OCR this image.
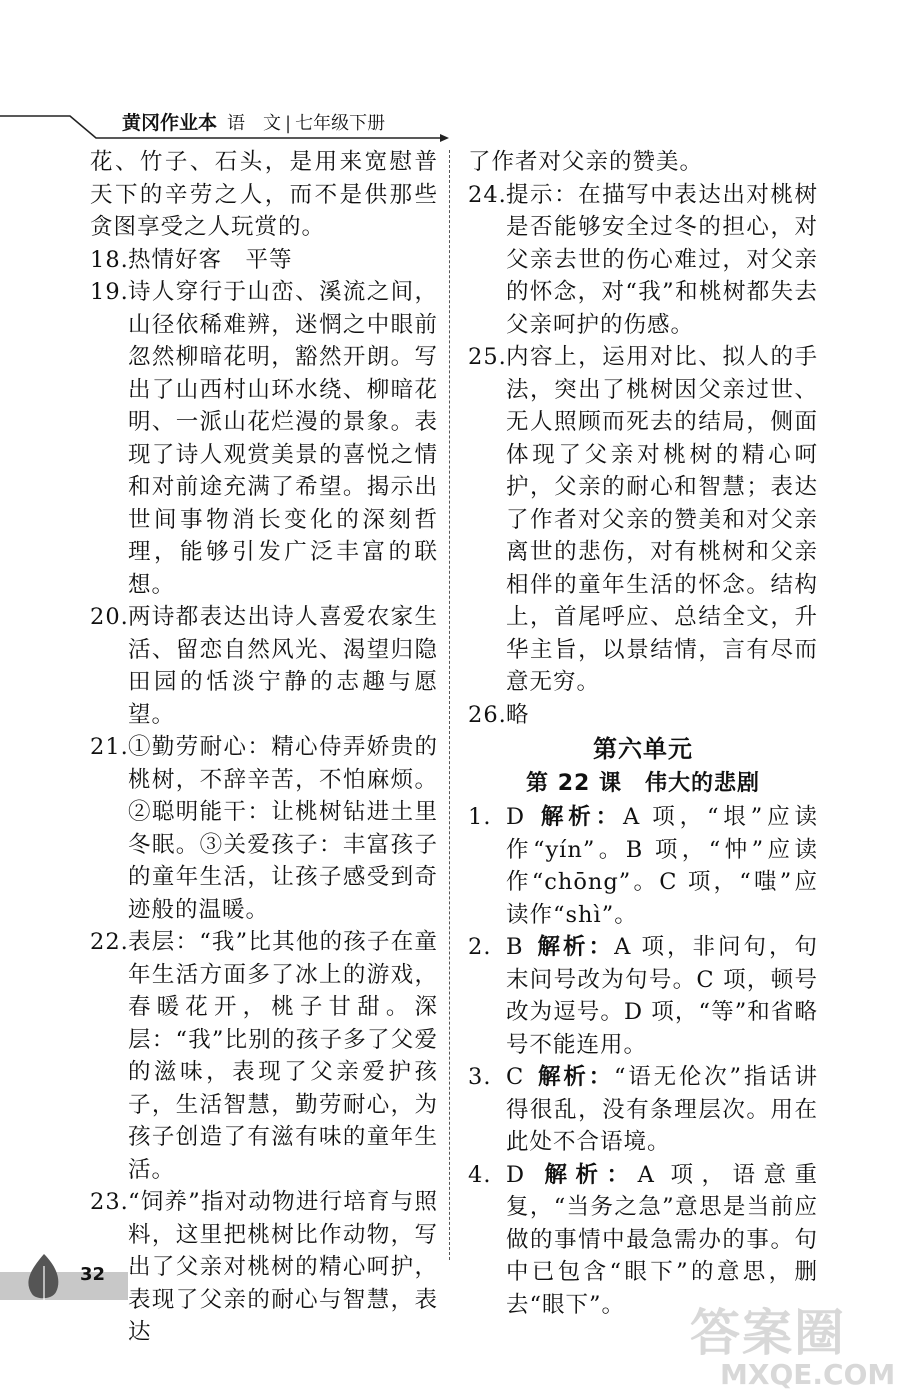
黄冈作业本 语　文 | 七年级下册
花、竹子、石头，是用来宽慰普天下的辛劳之人，而不是供那些贪图享受之人玩赏的。
18. 热情好客　平等
19. 诗人穿行于山峦、溪流之间，山径依稀难辨，迷惘之中眼前忽然柳暗花明，豁然开朗。写出了山西村山环水绕、柳暗花明、一派山花烂漫的景象。表现了诗人观赏美景的喜悦之情和对前途充满了希望。揭示出世间事物消长变化的深刻哲理，能够引发广泛丰富的联想。
20. 两诗都表达出诗人喜爱农家生活、留恋自然风光、渴望归隐田园的恬淡宁静的志趣与愿望。
21. ①勤劳耐心：精心侍弄娇贵的桃树，不辞辛苦，不怕麻烦。②聪明能干：让桃树钻进土里冬眠。③关爱孩子：丰富孩子的童年生活，让孩子感受到奇迹般的温暖。
22. 表层：“我”比其他的孩子在童年生活方面多了冰上的游戏，春暖花开，桃子甘甜。深层：“我”比别的孩子多了父爱的滋味，表现了父亲爱护孩子，生活智慧，勤劳耐心，为孩子创造了有滋有味的童年生活。
23. “饲养”指对动物进行培育与照料，这里把桃树比作动物，写出了父亲对桃树的精心呵护，表现了父亲的耐心与智慧，表达
了作者对父亲的赞美。
24. 提示：在描写中表达出对桃树是否能够安全过冬的担心，对父亲去世的伤心难过，对父亲的怀念，对“我”和桃树都失去父亲呵护的伤感。
25. 内容上，运用对比、拟人的手法，突出了桃树因父亲过世、无人照顾而死去的结局，侧面体现了父亲对桃树的精心呵护，父亲的耐心和智慧；表达了作者对父亲的赞美和对父亲离世的悲伤，对有桃树和父亲相伴的童年生活的怀念。结构上，首尾呼应、总结全文，升华主旨，以景结情，言有尽而意无穷。
26. 略
第六单元
第 22 课　伟大的悲剧
1. D 解析：A 项，“垠”应读作“yín”。B 项，“忡”应读作“chōng”。C 项，“嗤”应读作“shì”。
2. B 解析：A 项，非问句，句末问号改为句号。C 项，顿号改为逗号。D 项，“等”和省略号不能连用。
3. C 解析：“语无伦次”指话讲得很乱，没有条理层次。用在此处不合语境。
4. D 解析：A 项，语意重复，“当务之急”意思是当前应做的事情中最急需办的事。句中已包含“眼下”的意思，删去“眼下”。
32
答案圈
MXQE.COM
